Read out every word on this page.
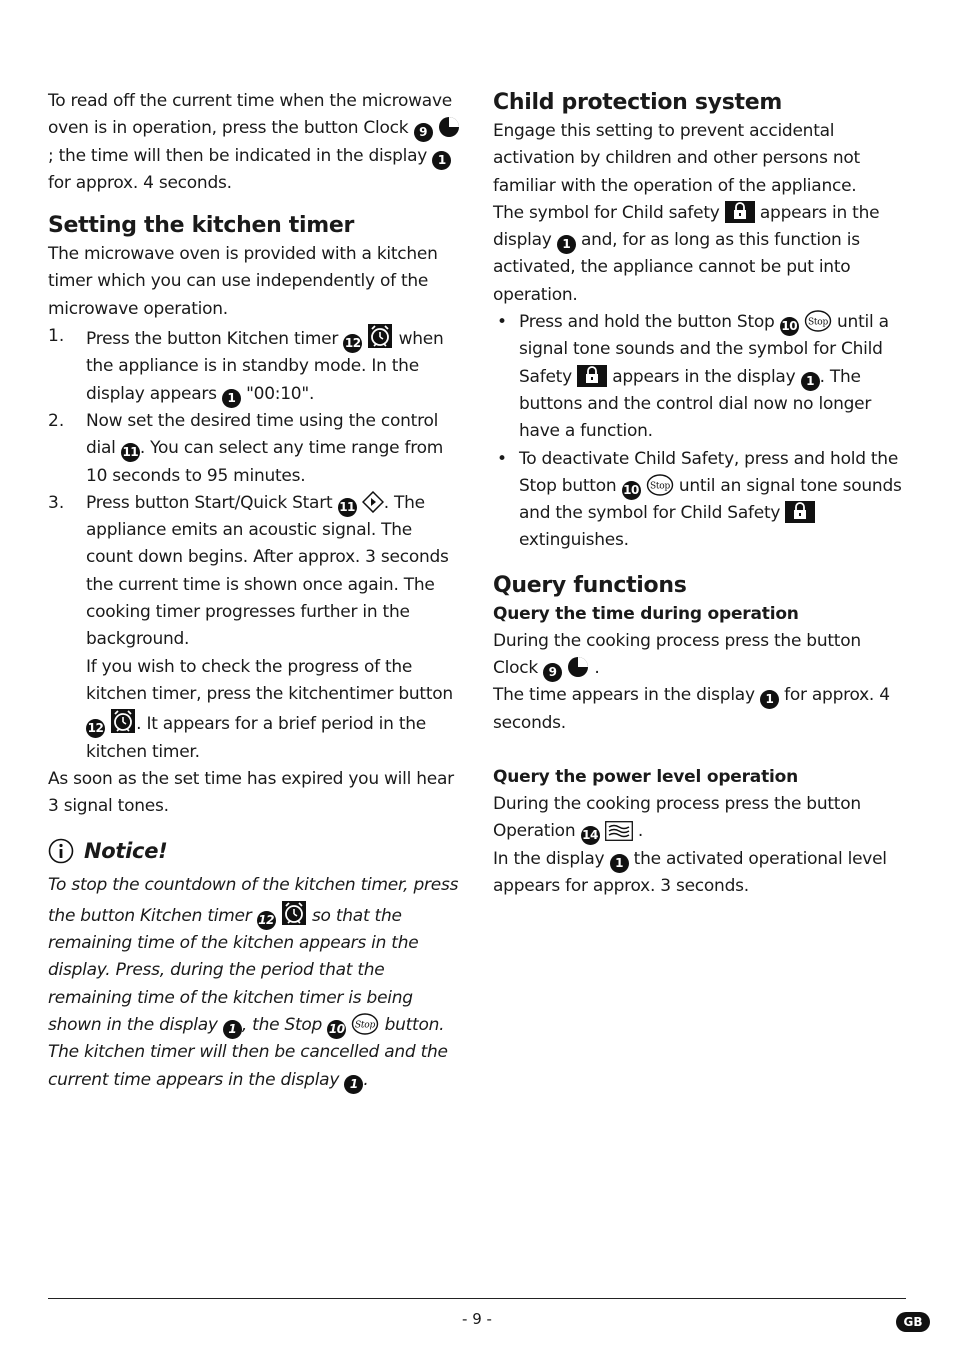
To read off the current time when the microwave oven is in operation, press the button Clock 9
; the time will then be indicated in the display 1 for approx. 4 seconds.

Setting the kitchen timer

The microwave oven is provided with a kitchen timer which you can use independently of the microwave operation.

1. Press the button Kitchen timer 12 when the appliance is in standby mode. In the display appears 1 "00:10".

2. Now set the desired time using the control dial 11. You can select any time range from 10 seconds to 95 minutes.

3. Press button Start/Quick Start 11 . The appliance emits an acoustic signal. The count down begins. After approx. 3 seconds the current time is shown once again. The cooking timer progresses further in the background.

If you wish to check the progress of the kitchen timer, press the kitchentimer button 12 . It appears for a brief period in the kitchen timer.

As soon as the set time has expired you will hear 3 signal tones.

Notice!

To stop the countdown of the kitchen timer, press the button Kitchen timer 12 so that the remaining time of the kitchen appears in the display. Press, during the period that the remaining time of the kitchen timer is being shown in the display 1 , the Stop 10 Stop button. The kitchen timer will then be cancelled and the current time appears in the display 1 .

Child protection system

Engage this setting to prevent accidental activation by children and other persons not familiar with the operation of the appliance.

The symbol for Child safety appears in the display 1 and, for as long as this function is activated, the appliance cannot be put into operation.

• Press and hold the button Stop 10 Stop until a signal tone sounds and the symbol for Child Safety appears in the display 1 . The buttons and the control dial now no longer have a function.

• To deactivate Child Safety, press and hold the Stop button 10 Stop until an signal tone sounds and the symbol for Child Safety
extinguishes.

Query functions
Query the time during operation

During the cooking process press the button Clock 9 .

The time appears in the display 1 for approx. 4 seconds.

Query the power level operation

During the cooking process press the button Operation 14 .

In the display 1 the activated operational level appears for approx. 3 seconds.

- 9 -	GB
